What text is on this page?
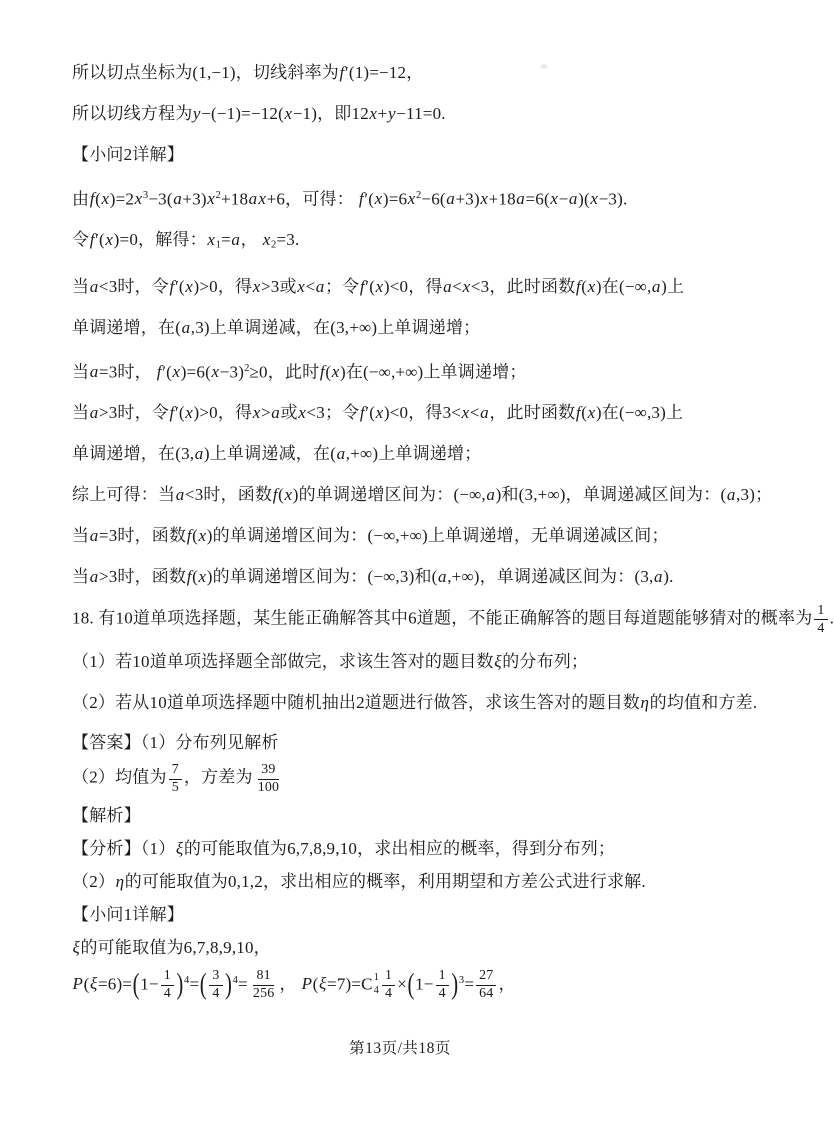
所以切点坐标为(1,−1)，切线斜率为f′(1)=−12，
所以切线方程为y−(−1)=−12(x−1)，即12x+y−11=0.
【小问2详解】
由$f(x)=2x^3-3(a+3)x^2+18ax+6$，可得： $f'(x)=6x^2-6(a+3)x+18a=6(x-a)(x-3)$.
令f′(x)=0，解得：$x_1=a$， $x_2=3$.
当a<3时，令f′(x)>0，得x>3或x<a；令f′(x)<0，得a<x<3，此时函数f(x)在(−∞,a)上
单调递增，在(a,3)上单调递减，在(3,+∞)上单调递增；
当a=3时， $f'(x)=6(x-3)^2\ge 0$，此时f(x)在(−∞,+∞)上单调递增；
当a>3时，令f′(x)>0，得x>a或x<3；令f′(x)<0，得3<x<a，此时函数f(x)在(−∞,3)上
单调递增，在(3,a)上单调递减，在(a,+∞)上单调递增；
综上可得：当a<3时，函数f(x)的单调递增区间为：(−∞,a)和(3,+∞)，单调递减区间为：(a,3)；
当a=3时，函数f(x)的单调递增区间为：(−∞,+∞)上单调递增，无单调递减区间；
当a>3时，函数f(x)的单调递增区间为：(−∞,3)和(a,+∞)，单调递减区间为：(3,a).
18. 有10道单项选择题，某生能正确解答其中6道题，不能正确解答的题目每道题能够猜对的概率为 $\frac{1}{4}$ .
（1）若10道单项选择题全部做完，求该生答对的题目数ξ的分布列；
（2）若从10道单项选择题中随机抽出2道题进行做答，求该生答对的题目数η的均值和方差.
【答案】（1）分布列见解析
（2）均值为 $\frac{7}{5}$ ，方差为 $\frac{39}{100}$
【解析】
【分析】（1）ξ的可能取值为6,7,8,9,10，求出相应的概率，得到分布列；
（2）η的可能取值为0,1,2，求出相应的概率，利用期望和方差公式进行求解.
【小问1详解】
ξ的可能取值为6,7,8,9,10，
$P(\xi=6)=(1- \frac{1}{4} )^4=( \frac{3}{4} )^4= \frac{81}{256}$ ， P(ξ=7)=C 1
$4 \frac{1}{4} \times(1- \frac{1}{4} )^3= \frac{27}{64}$ ，
第13页/共18页
